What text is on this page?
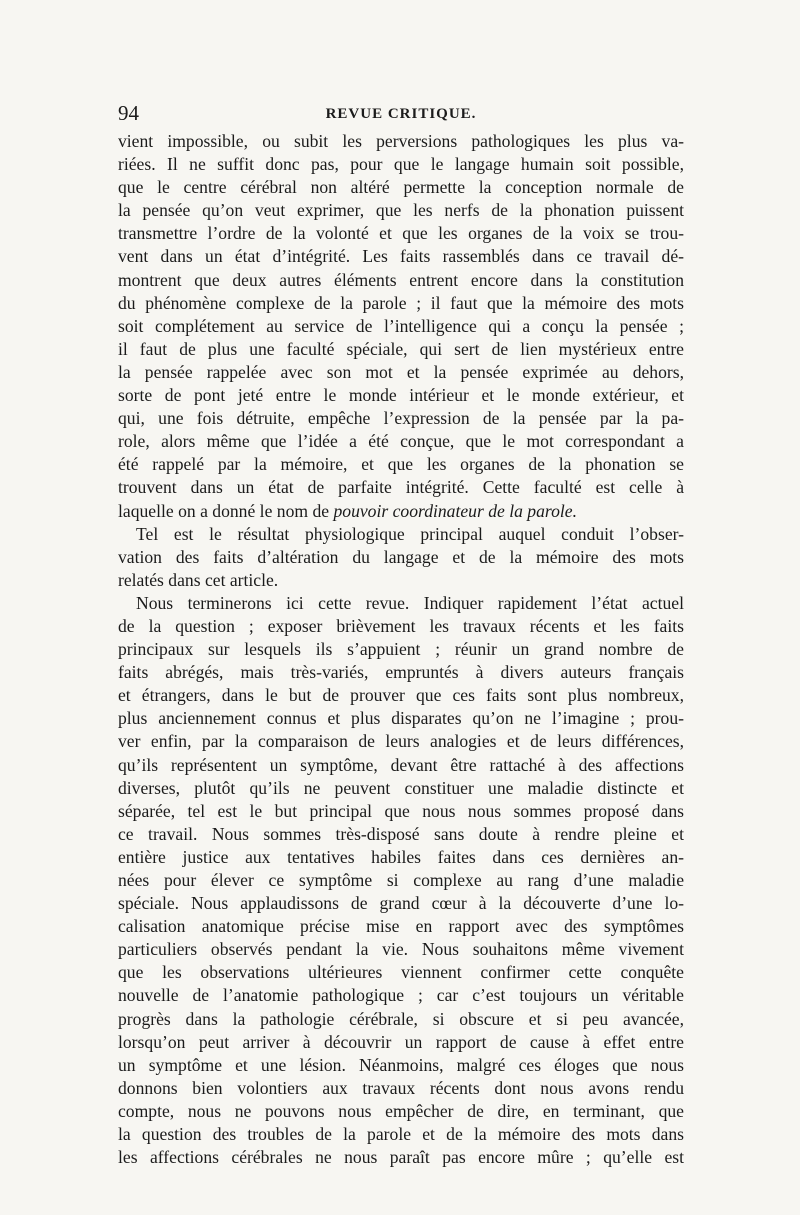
94	REVUE CRITIQUE.
vient impossible, ou subit les perversions pathologiques les plus va-
riées. Il ne suffit donc pas, pour que le langage humain soit possible,
que le centre cérébral non altéré permette la conception normale de
la pensée qu’on veut exprimer, que les nerfs de la phonation puissent
transmettre l’ordre de la volonté et que les organes de la voix se trou-
vent dans un état d’intégrité. Les faits rassemblés dans ce travail dé-
montrent que deux autres éléments entrent encore dans la constitution
du phénomène complexe de la parole ; il faut que la mémoire des mots
soit complétement au service de l’intelligence qui a conçu la pensée ;
il faut de plus une faculté spéciale, qui sert de lien mystérieux entre
la pensée rappelée avec son mot et la pensée exprimée au dehors,
sorte de pont jeté entre le monde intérieur et le monde extérieur, et
qui, une fois détruite, empêche l’expression de la pensée par la pa-
role, alors même que l’idée a été conçue, que le mot correspondant a
été rappelé par la mémoire, et que les organes de la phonation se
trouvent dans un état de parfaite intégrité. Cette faculté est celle à
laquelle on a donné le nom de pouvoir coordinateur de la parole.
Tel est le résultat physiologique principal auquel conduit l’obser-
vation des faits d’altération du langage et de la mémoire des mots
relatés dans cet article.
Nous terminerons ici cette revue. Indiquer rapidement l’état actuel
de la question ; exposer brièvement les travaux récents et les faits
principaux sur lesquels ils s’appuient ; réunir un grand nombre de
faits abrégés, mais très-variés, empruntés à divers auteurs français
et étrangers, dans le but de prouver que ces faits sont plus nombreux,
plus anciennement connus et plus disparates qu’on ne l’imagine ; prou-
ver enfin, par la comparaison de leurs analogies et de leurs différences,
qu’ils représentent un symptôme, devant être rattaché à des affections
diverses, plutôt qu’ils ne peuvent constituer une maladie distincte et
séparée, tel est le but principal que nous nous sommes proposé dans
ce travail. Nous sommes très-disposé sans doute à rendre pleine et
entière justice aux tentatives habiles faites dans ces dernières an-
nées pour élever ce symptôme si complexe au rang d’une maladie
spéciale. Nous applaudissons de grand cœur à la découverte d’une lo-
calisation anatomique précise mise en rapport avec des symptômes
particuliers observés pendant la vie. Nous souhaitons même vivement
que les observations ultérieures viennent confirmer cette conquête
nouvelle de l’anatomie pathologique ; car c’est toujours un véritable
progrès dans la pathologie cérébrale, si obscure et si peu avancée,
lorsqu’on peut arriver à découvrir un rapport de cause à effet entre
un symptôme et une lésion. Néanmoins, malgré ces éloges que nous
donnons bien volontiers aux travaux récents dont nous avons rendu
compte, nous ne pouvons nous empêcher de dire, en terminant, que
la question des troubles de la parole et de la mémoire des mots dans
les affections cérébrales ne nous paraît pas encore mûre ; qu’elle est
